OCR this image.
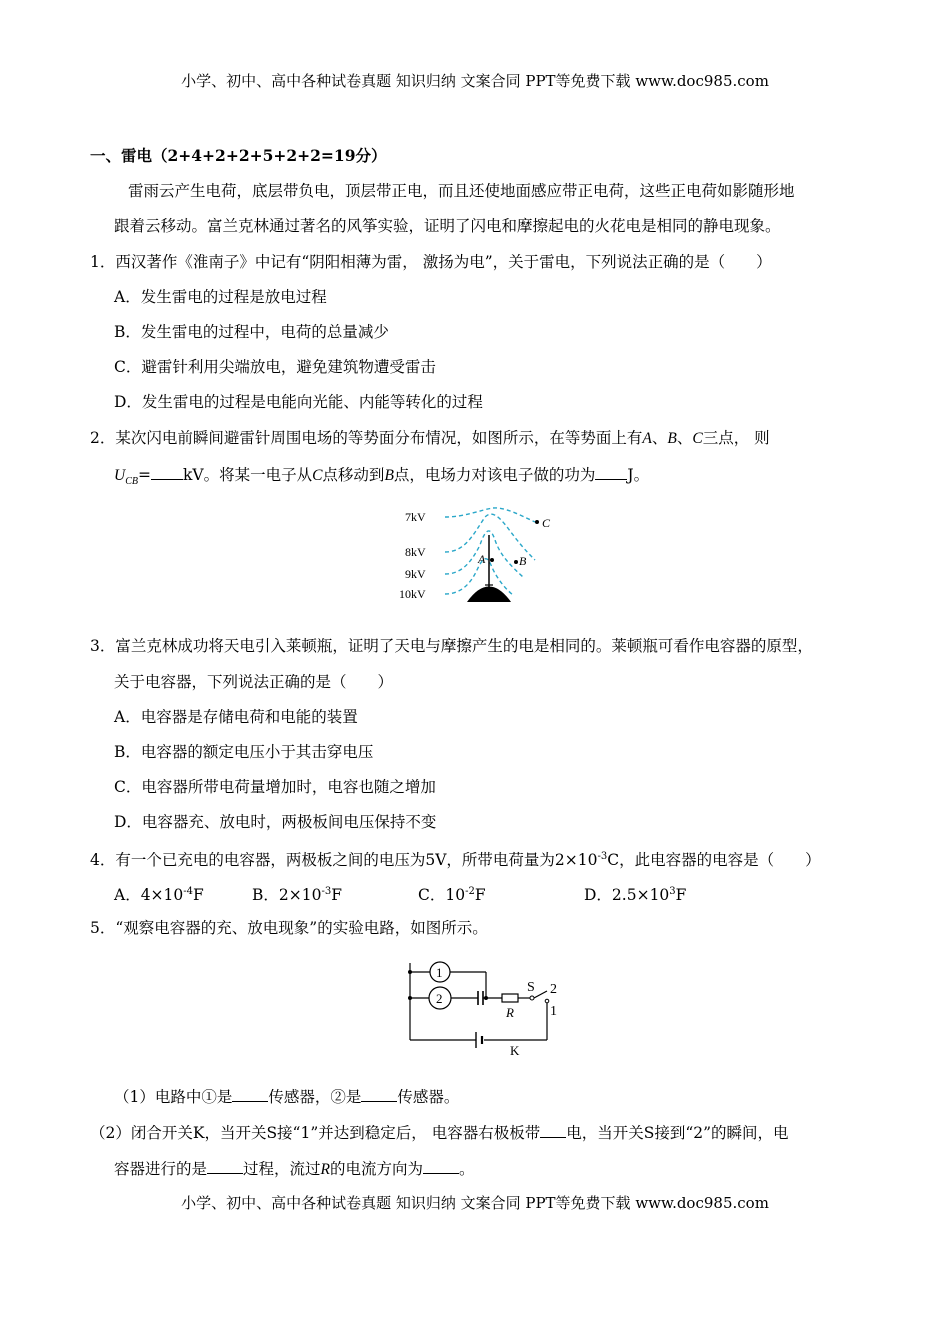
小学、初中、高中各种试卷真题 知识归纳 文案合同 PPT等免费下载 www.doc985.com
一、雷电（2+4+2+2+5+2+2=19分）
雷雨云产生电荷，底层带负电，顶层带正电，而且还使地面感应带正电荷，这些正电荷如影随形地
跟着云移动。富兰克林通过著名的风筝实验，证明了闪电和摩擦起电的火花电是相同的静电现象。
1．西汉著作《淮南子》中记有“阴阳相薄为雷， 激扬为电”，关于雷电，下列说法正确的是（　　）
A．发生雷电的过程是放电过程
B．发生雷电的过程中，电荷的总量减少
C．避雷针利用尖端放电，避免建筑物遭受雷击
D．发生雷电的过程是电能向光能、内能等转化的过程
2．某次闪电前瞬间避雷针周围电场的等势面分布情况，如图所示，在等势面上有A、B、C三点， 则
$U_{CB}=$ kV。将某一电子从C点移动到B点，电场力对该电子做的功为 J。
7kV
8kV
9kV
10kV
C
A	B
3．富兰克林成功将天电引入莱顿瓶，证明了天电与摩擦产生的电是相同的。莱顿瓶可看作电容器的原型，
关于电容器，下列说法正确的是（　　）
A．电容器是存储电荷和电能的装置
B．电容器的额定电压小于其击穿电压
C．电容器所带电荷量增加时，电容也随之增加
D．电容器充、放电时，两极板间电压保持不变
4．有一个已充电的电容器，两极板之间的电压为5V，所带电荷量为$2\times 10^{-3}C$，此电容器的电容是（　　）
A．$4\times 10^{-4}F$	B．$2\times 10^{-3}F$	C．$10^{-2}F$	D．$2.5\times 10^3F$
5．“观察电容器的充、放电现象”的实验电路，如图所示。
1
2
R
S 2
1
K
（1）电路中①是 传感器，②是 传感器。
（2）闭合开关K，当开关S接“1”并达到稳定后， 电容器右极板带 电，当开关S接到“2”的瞬间，电
容器进行的是 过程，流过R的电流方向为 。
小学、初中、高中各种试卷真题 知识归纳 文案合同 PPT等免费下载 www.doc985.com
